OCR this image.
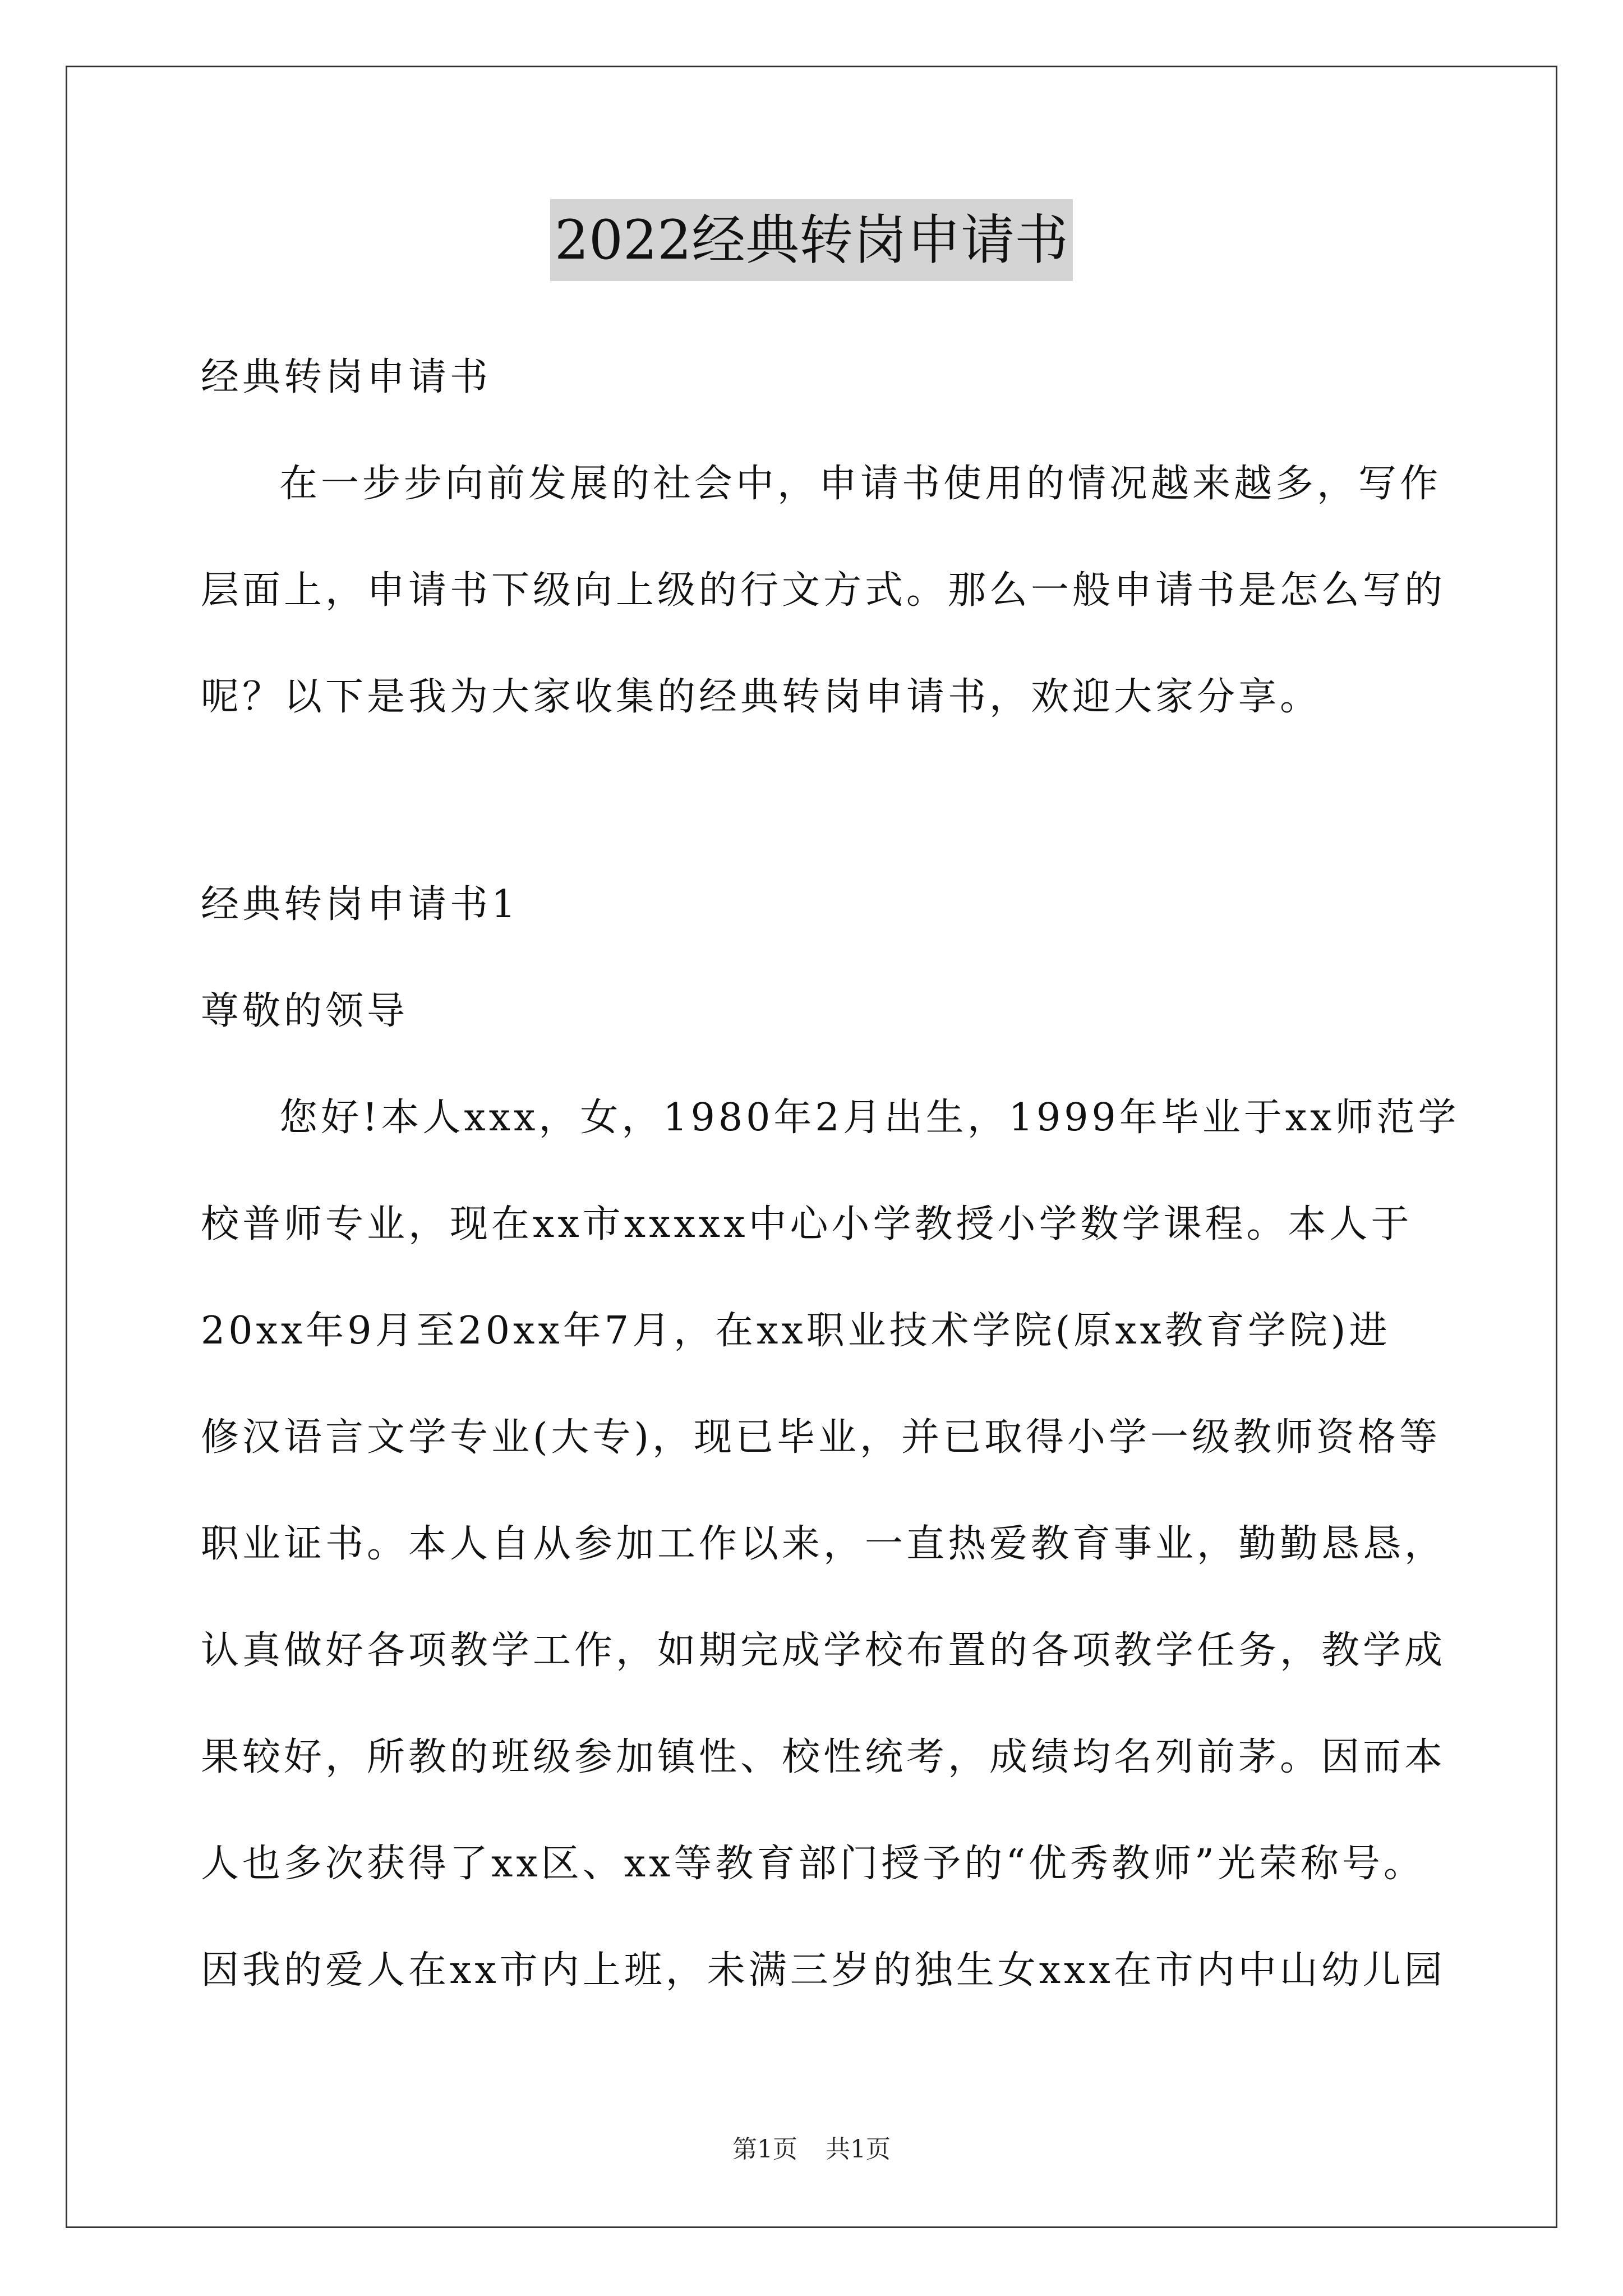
2022经典转岗申请书
经典转岗申请书
在一步步向前发展的社会中，申请书使用的情况越来越多，写作
层面上，申请书下级向上级的行文方式。那么一般申请书是怎么写的
呢？以下是我为大家收集的经典转岗申请书，欢迎大家分享。
经典转岗申请书1
尊敬的领导
您好!本人xxx，女，1980年2月出生，1999年毕业于xx师范学
校普师专业，现在xx市xxxxx中心小学教授小学数学课程。本人于
20xx年9月至20xx年7月，在xx职业技术学院(原xx教育学院)进
修汉语言文学专业(大专)，现已毕业，并已取得小学一级教师资格等
职业证书。本人自从参加工作以来，一直热爱教育事业，勤勤恳恳，
认真做好各项教学工作，如期完成学校布置的各项教学任务，教学成
果较好，所教的班级参加镇性、校性统考，成绩均名列前茅。因而本
人也多次获得了xx区、xx等教育部门授予的“优秀教师”光荣称号。
因我的爱人在xx市内上班，未满三岁的独生女xxx在市内中山幼儿园
第1页 共1页
